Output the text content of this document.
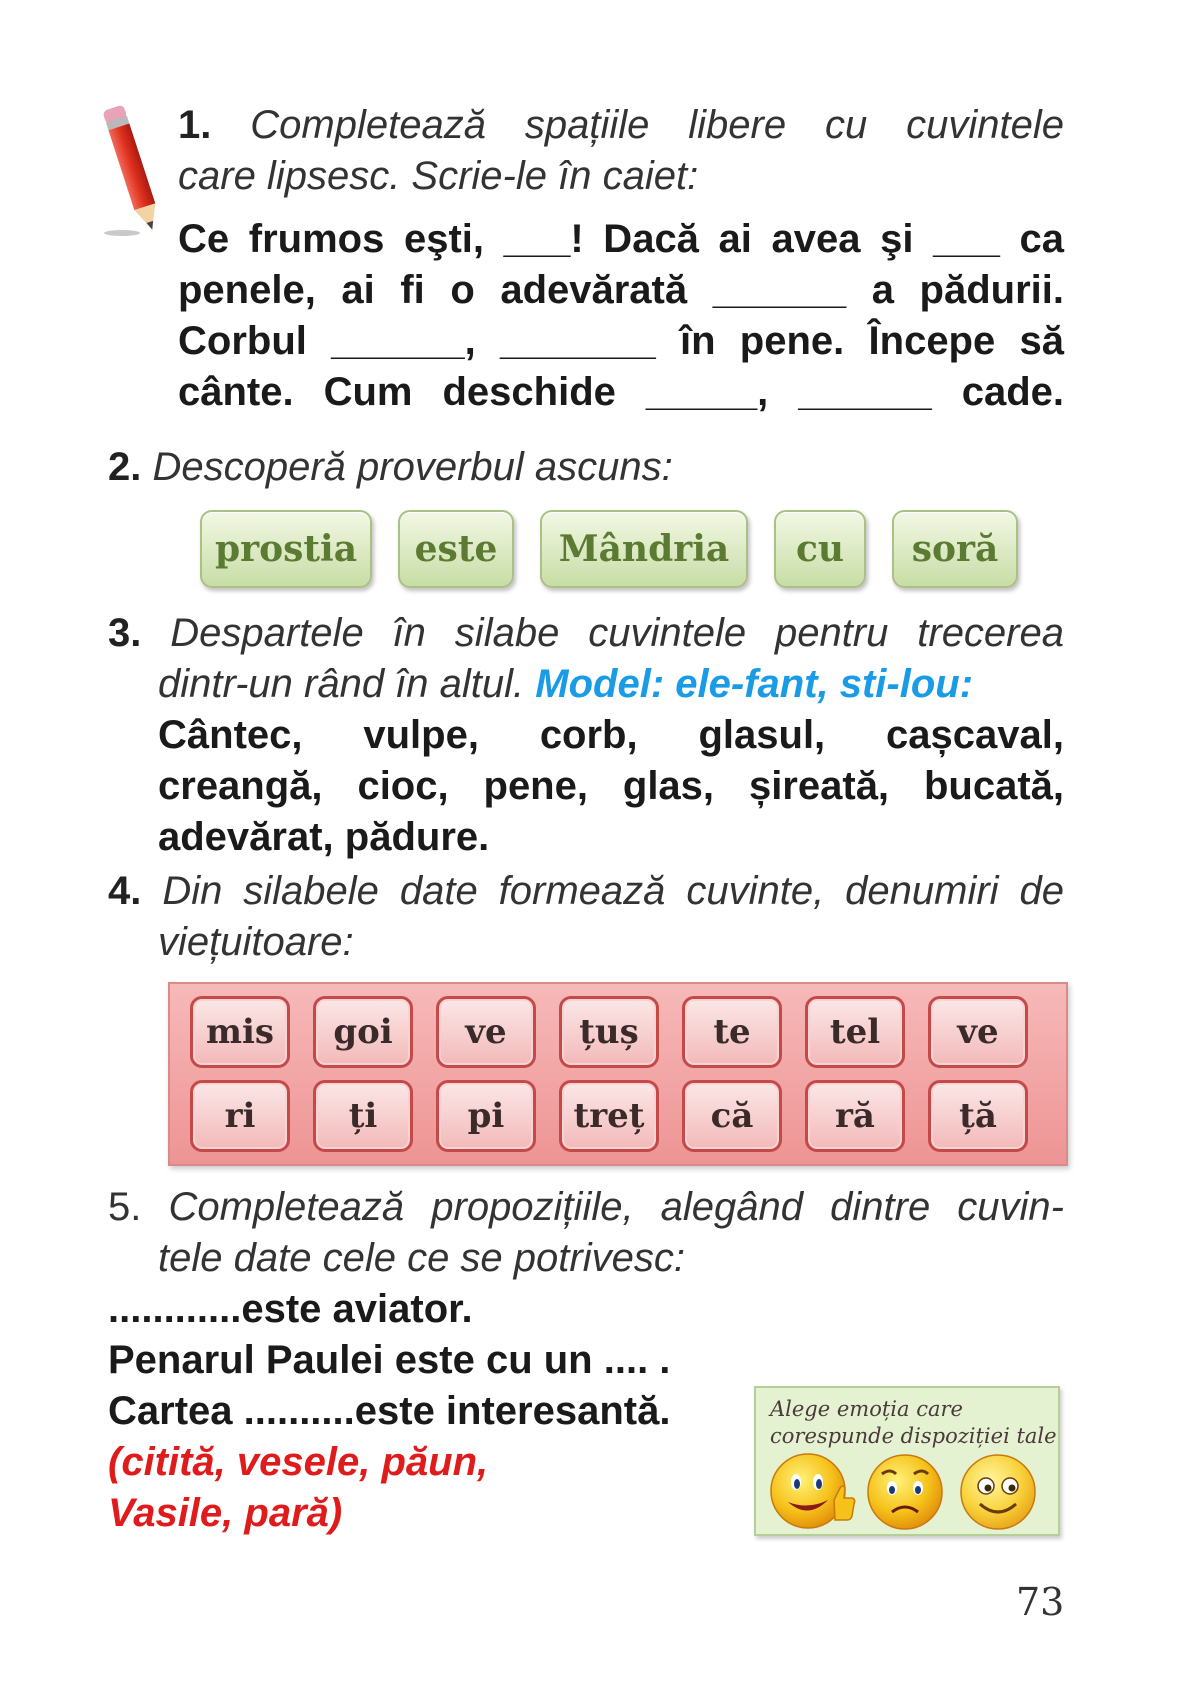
1. Completează spațiile libere cu cuvintele
care lipsesc. Scrie-le în caiet:
Ce frumos eşti, ___! Dacă ai avea şi ___ ca
penele, ai fi o adevărată ______ a pădurii.
Corbul ______, _______ în pene. Începe să
cânte. Cum deschide _____, ______ cade.
2. Descoperă proverbul ascuns:
prostia	este	Mândria	cu	soră
3. Despartele în silabe cuvintele pentru trecerea
dintr-un rând în altul. Model: ele-fant, sti-lou:
Cântec, vulpe, corb, glasul, cașcaval,
creangă, cioc, pene, glas, șireată, bucată,
adevărat, pădure.
4. Din silabele date formează cuvinte, denumiri de
viețuitoare:
mis	goi	ve	țuș	te	tel	ve
ri	ți	pi	treț	că	ră	ță
5. Completează propozițiile, alegând dintre cuvin-
tele date cele ce se potrivesc:
............este aviator.
Penarul Paulei este cu un .... .
Cartea ..........este interesantă.
(citită, vesele, păun,
Vasile, pară)
Alege emoția care
corespunde dispoziției tale
73
